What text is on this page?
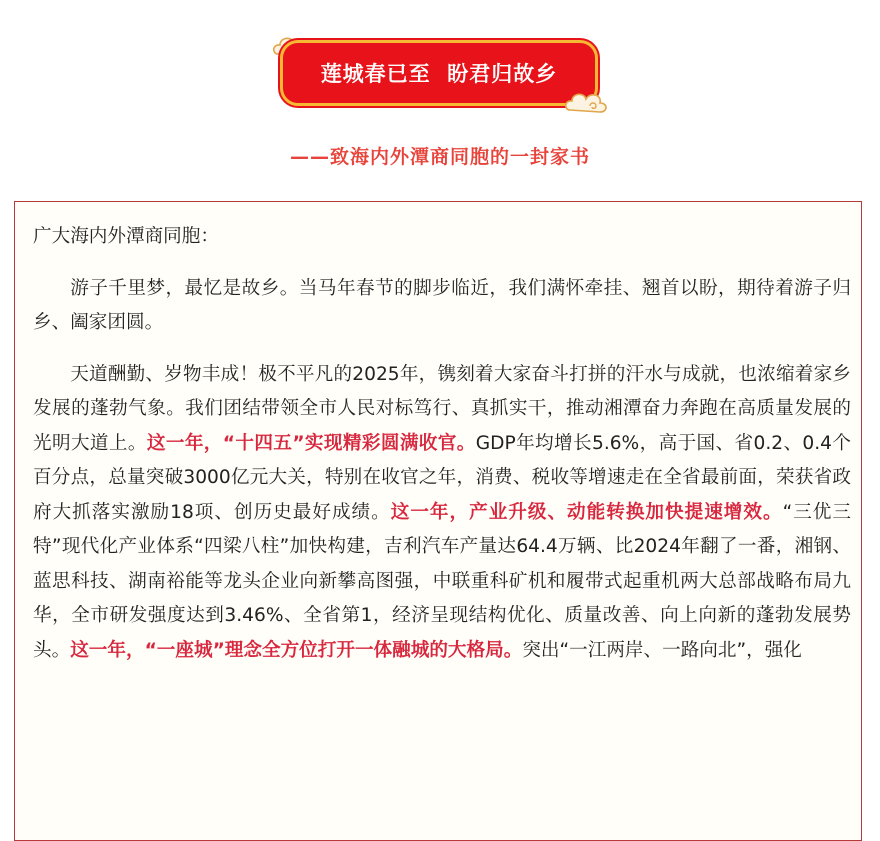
莲城春已至  盼君归故乡
——致海内外潭商同胞的一封家书

广大海内外潭商同胞：

游子千里梦，最忆是故乡。当马年春节的脚步临近，我们满怀牵挂、翘首以盼，期待着游子归乡、阖家团圆。

天道酬勤、岁物丰成！极不平凡的2025年，镌刻着大家奋斗打拼的汗水与成就，也浓缩着家乡发展的蓬勃气象。我们团结带领全市人民对标笃行、真抓实干，推动湘潭奋力奔跑在高质量发展的光明大道上。这一年，“十四五”实现精彩圆满收官。GDP年均增长5.6%，高于国、省0.2、0.4个百分点，总量突破3000亿元大关，特别在收官之年，消费、税收等增速走在全省最前面，荣获省政府大抓落实激励18项、创历史最好成绩。这一年，产业升级、动能转换加快提速增效。“三优三特”现代化产业体系“四梁八柱”加快构建，吉利汽车产量达64.4万辆、比2024年翻了一番，湘钢、蓝思科技、湖南裕能等龙头企业向新攀高图强，中联重科矿机和履带式起重机两大总部战略布局九华，全市研发强度达到3.46%、全省第1，经济呈现结构优化、质量改善、向上向新的蓬勃发展势头。这一年，“一座城”理念全方位打开一体融城的大格局。突出“一江两岸、一路向北”，强化
